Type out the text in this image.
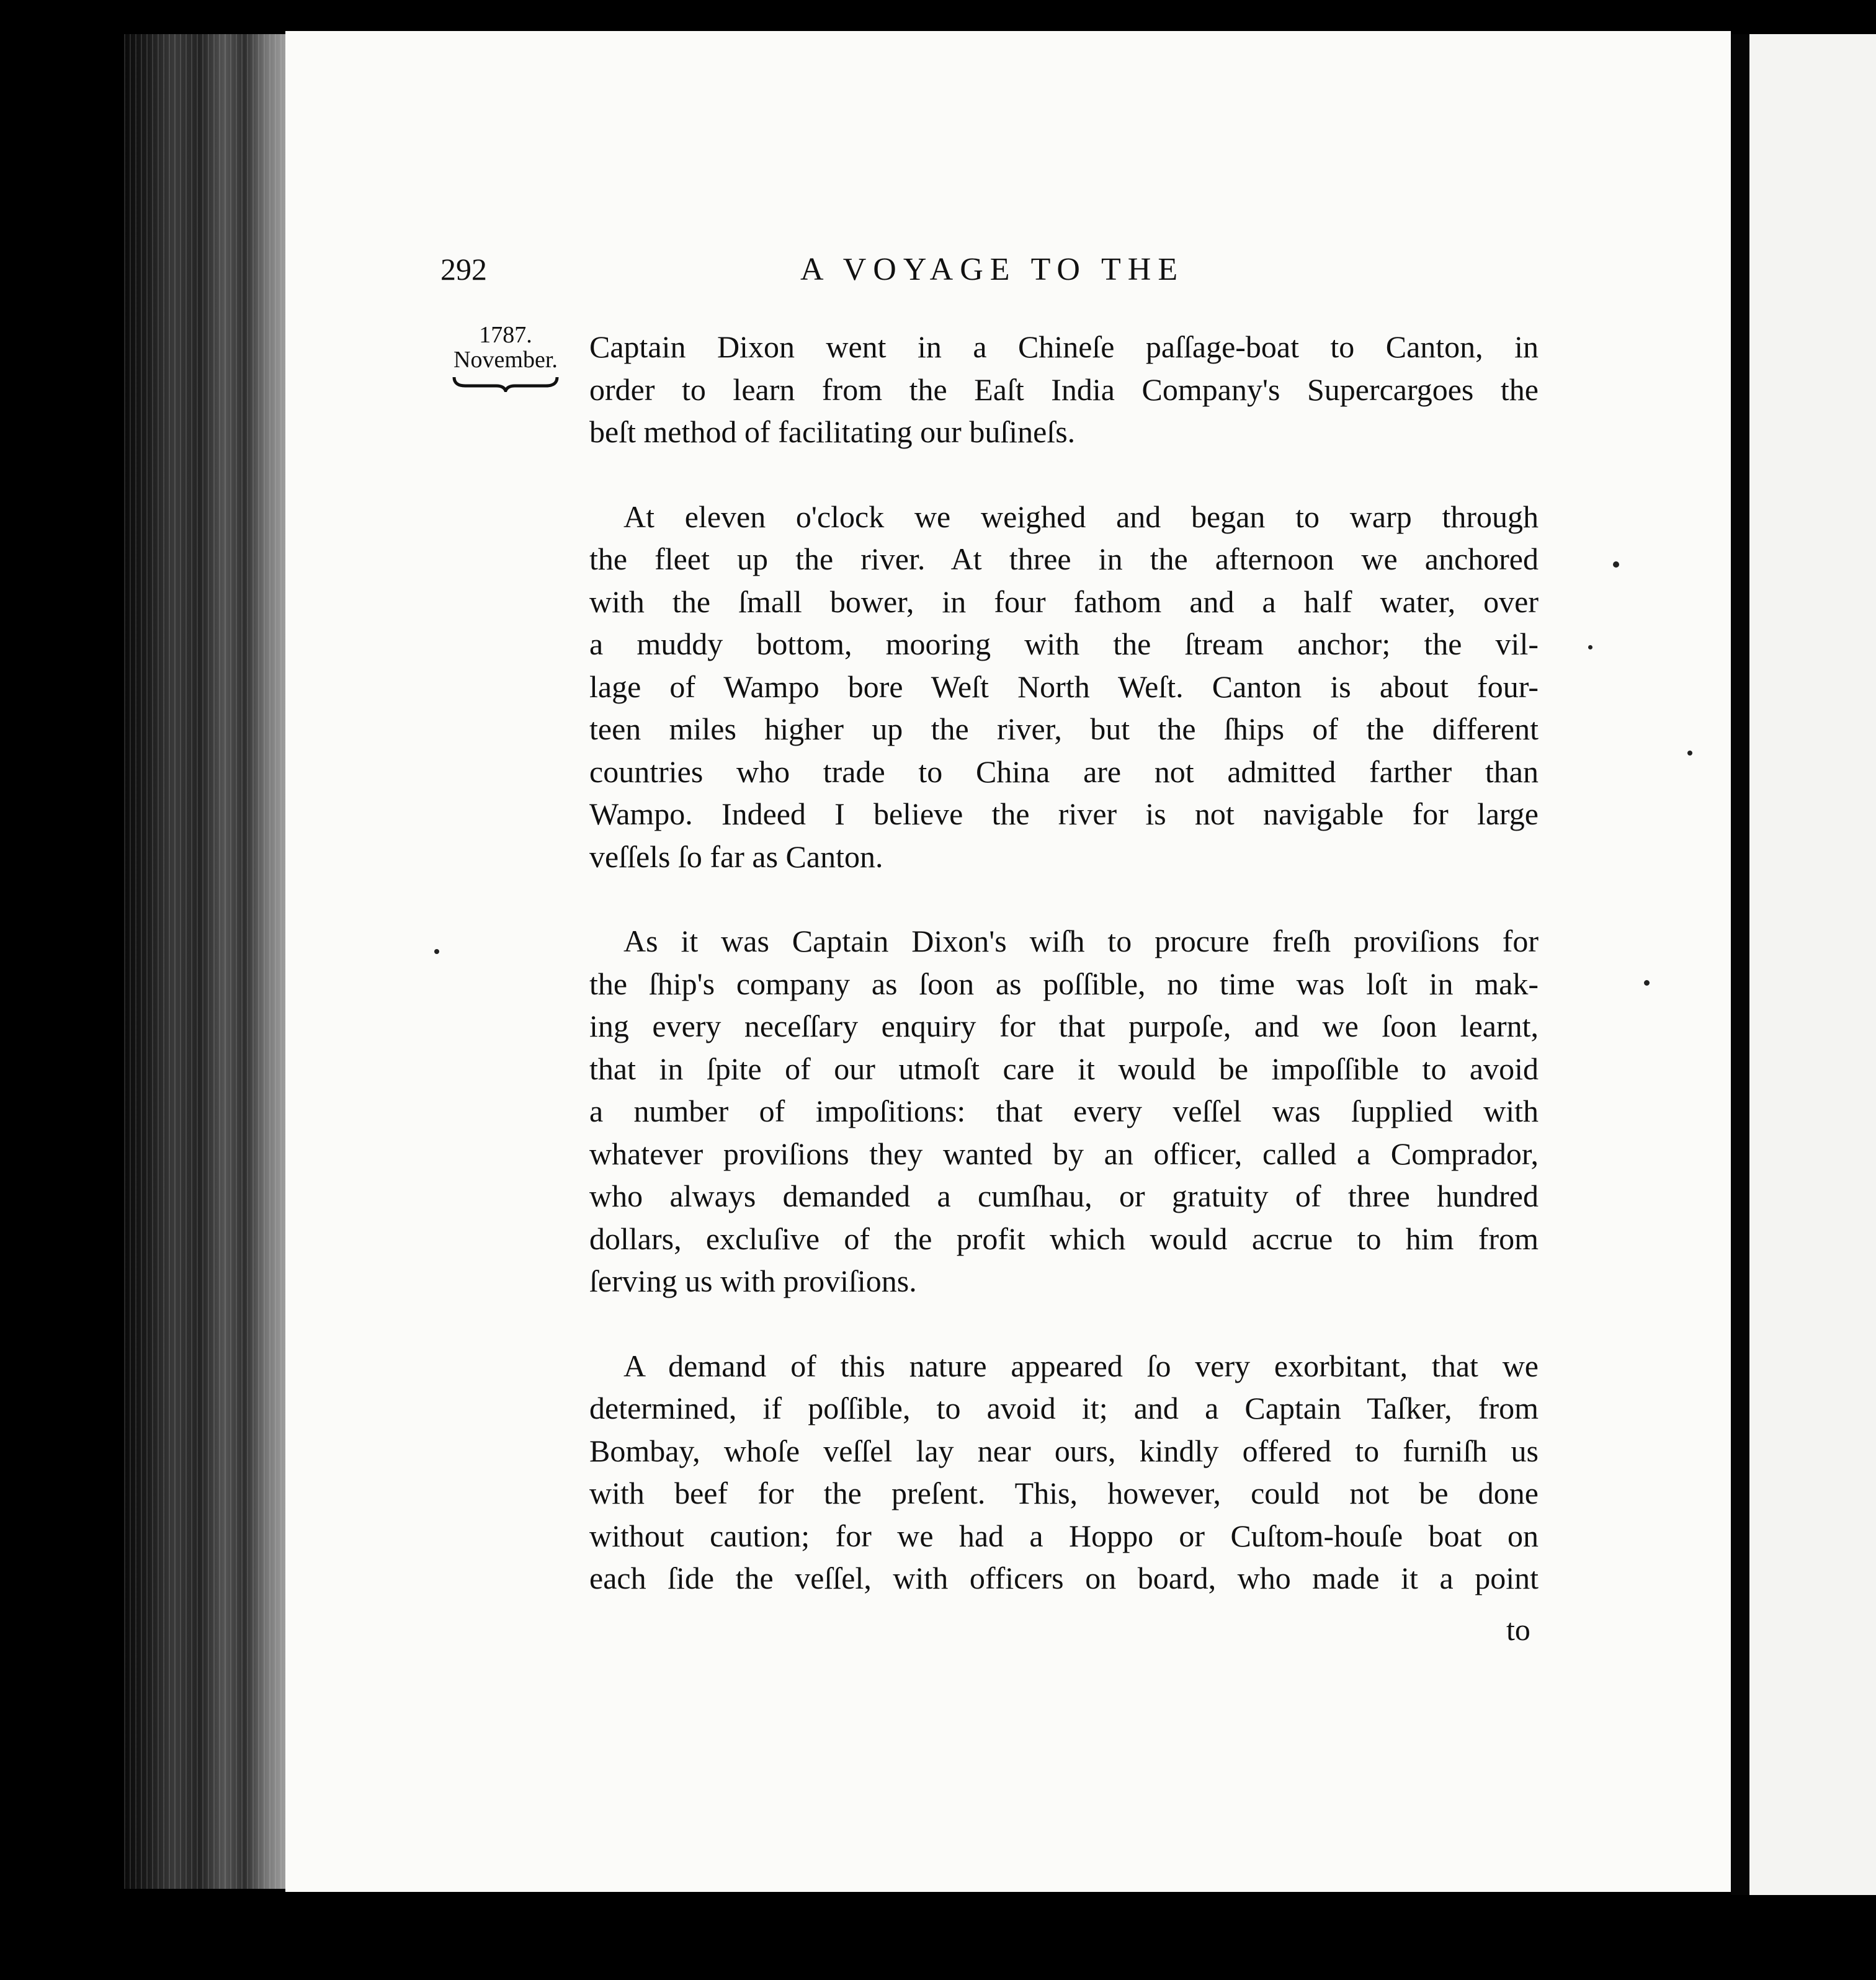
292	A VOYAGE TO THE
1787.
November.	Captain Dixon went in a Chineſe paſſage-boat to Canton, in
order to learn from the Eaſt India Company's Supercargoes the
beſt method of facilitating our buſineſs.
At eleven o'clock we weighed and began to warp through
the fleet up the river. At three in the afternoon we anchored
with the ſmall bower, in four fathom and a half water, over
a muddy bottom, mooring with the ſtream anchor; the vil-
lage of Wampo bore Weſt North Weſt. Canton is about four-
teen miles higher up the river, but the ſhips of the different
countries who trade to China are not admitted farther than
Wampo. Indeed I believe the river is not navigable for large
veſſels ſo far as Canton.
As it was Captain Dixon's wiſh to procure freſh proviſions for
the ſhip's company as ſoon as poſſible, no time was loſt in mak-
ing every neceſſary enquiry for that purpoſe, and we ſoon learnt,
that in ſpite of our utmoſt care it would be impoſſible to avoid
a number of impoſitions: that every veſſel was ſupplied with
whatever proviſions they wanted by an officer, called a Comprador,
who always demanded a cumſhau, or gratuity of three hundred
dollars, excluſive of the profit which would accrue to him from
ſerving us with proviſions.
A demand of this nature appeared ſo very exorbitant, that we
determined, if poſſible, to avoid it; and a Captain Taſker, from
Bombay, whoſe veſſel lay near ours, kindly offered to furniſh us
with beef for the preſent. This, however, could not be done
without caution; for we had a Hoppo or Cuſtom-houſe boat on
each ſide the veſſel, with officers on board, who made it a point
to
